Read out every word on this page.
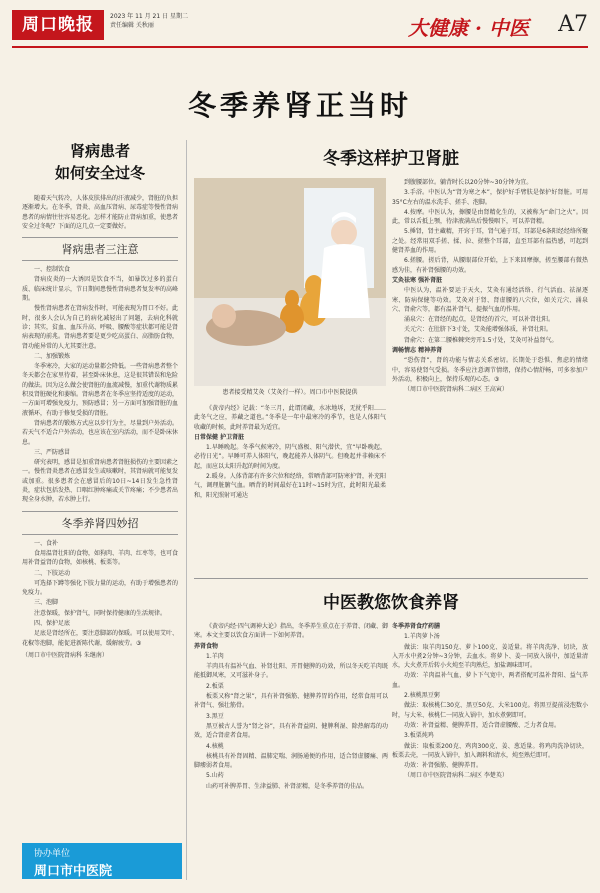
周口晚报	2023 年 11 月 21 日 星期二
责任编辑 关秋丽	大健康 · 中医 A7
冬季养肾正当时
肾病患者
如何安全过冬

随着天气转冷，人体皮肤排出的汗液减少，肾脏的负担逐渐增大。在冬季，肾炎、高血压肾病、尿毒症等慢性肾病患者的病情往往容易恶化。怎样才能防止肾病加重，使患者安全过冬呢？下面的这几点一定要做好。

肾病患者三注意

一、控制饮食

肾病皮炎的一大诱因是饮食不当，如暴饮过多的蛋白质、临床统计显示，节日期间患慢性肾病患者复发率的高峰期。

慢性肾病患者在肾病发作时，可能表现为胃口不好。此时，很多人会认为自己的病化减轻出了问题，去病化科就诊；其实，贫血、血压升高、呼吸、腰酸等症状都可能是肾病表现的前兆。肾病患者要是更少吃高蛋白、高脂肪食物，肾功能异常的人尤其要注意。

二、加强锻炼

冬季寒冷，大家的运动量都会降低。一些肾病患者整个冬天都会在家里待着，甚至卧床休息，这是很其错误和危险的做法。因为这么做会使肾脏的血流减慢，加重代谢物质累积及肾脏硬化和萎缩。肾病患者在冬季应坚持适度的运动，一方面可增强免疫力，预防感冒；另一方面可加强肾脏的血液循环，有助于修复受损的肾脏。

肾病患者的锻炼方式应以步行为主，尽量到户外活动。若天气不适合户外活动，也应该在室内活动，而不是卧床休息。

三、严防感冒

研究表明，感冒是加重肾病患者肾脏损伤的主要因素之一。慢性肾炎患者在感冒发生或咳嗽时，其肾病就可能复发或加重。很多患者会在感冒后的10日~14日发生急性肾炎，症状包括发热、口咽红肿疼痛或关节疼痛；不少患者出现全身水肿，若水肿上行。

冬季养肾四妙招

一、食补

食用温肾壮阳的食物，如狗肉、羊肉、红枣等，也可食用补肾益肾的食物，如核桃、板栗等。

二、下肢运动

可选择下蹲等强化下肢力量的运动，有助于增强患者的免疫力。

三、泡脚

注意保暖，保护肾气，同时保持健康的生活规律。

四、保护足底

足底是肾经所在，要注意脚部的保暖。可以使用艾叶、花椒等泡脚，能促进新陈代谢，缓解疲劳。③

（周口市中医院肾病科 朱继南）
协办单位
周口市中医院
冬季这样护卫肾脏
患者接受精艾灸（艾灸行一样）。周口市中医院提供

到腹腰部位。躺背时长以20分钟~30分钟为宜。

3.手浴。中医认为“肾为寒之本”，保护好手臂肤是保护好肾脏。可用35°C左右的温水洗手、搓手、泡脚。

4.按摩。中医认为，擦腰是由肾精化生的，又被称为“命门之火”。因此，常以舌抵上颚，待津液满出后慢慢咽下，可以养肾精。

5.捶肾，肾主藏精，开窍于耳，肾气通于耳，耳部是6条阳经经络所聚之处。经常用双手搓、揉、拉、搓整个耳部，直至耳部有温热感，可起到健肾养血的作用。

6.搓腰。搓后背，从腰眼部位开始，上下来回摩擦，搓至腰部有微热感为佳，有补肾强腰的功效。

艾灸祛寒 强补肾脏

中医认为，温补要运于天火，艾灸有通经活络、行气活血、祛湿逐寒、防病保健等功效。艾灸对于肾、肾虚腰的八穴位，如关元穴、涌泉穴、肾俞穴等，都有温补肾气、提振气血的作用。

涌泉穴：在肾经的起点，是肾经的首穴，可以补肾壮阳。

关元穴：在肚脐下3寸处，艾灸能增强体质，补肾壮阳。

肾俞穴：在第二腰椎棘突旁开1.5寸处，艾灸可补益肾气。

调畅情志 精神养肾

“恐伤肾”，肾的功能与情志关系密切。长期处于恐惧、焦虑的情绪中，容易使肾气受损。冬季应注意调节情绪，保持心情舒畅，可多参加户外活动，积极向上，保持乐观的心态。③

（周口市中医院肾病科二病区 王高寅）

《黄帝内经》记载：“冬三月，此谓闭藏，水冰地坼，无扰乎阳……此冬气之应，养藏之道也。”冬季是一年中最寒冷的季节，也是人体阳气收藏的时候，此时养肾最为适宜。

日常保健 护卫肾脏

1.早睡晚起。冬季气候寒冷，阴气盛极、阳气潜伏，宜“早卧晚起，必待日光”。早睡可养人体阳气，晚起能养人体阴气。但晚起并非赖床不起，而应以太阳升起的时间为度。

2.暖身。人体背部有许多穴位和经络，常晒背部可防寒护肾，补充阳气，调理脏腑气血。晒背的时间最好在11时~15时为宜，此时阳光最柔和，阳光照射可通达

中医教您饮食养肾

《黄帝内经·四气调神大论》指出，冬季养生重点在于养肾、闭藏、御寒。本文主要以饮食方面讲一下如何养肾。

养肾食物

1.羊肉

羊肉具有温补气血、补肾壮阳、开胃健脾的功效，所以冬天吃羊肉既能抵御风寒，又可滋补身子。

2.板栗

板栗又称“肾之果”，具有补肾强筋、健脾养胃的作用，经常食用可以补肾气、强壮筋骨。

3.黑豆

黑豆被古人誉为“肾之谷”，具有补肾益阴、健脾利湿、除热解毒的功效，适合肾虚者食用。

4.核桃

核桃具有补肾固精、温肺定喘、润肠通便的作用，适合肾虚腰痛、两脚痿弱者食用。

5.山药

山药可补脾养胃、生津益肺、补肾涩精，是冬季养肾的佳品。

冬季养肾食疗药膳

1.羊肉萝卜汤

做法：取羊肉150克、萝卜100克、姜适量。将羊肉洗净、切块，放入开水中煮2分钟~3分钟，去血水。将萝卜、姜一同放入锅中，加适量清水，大火煮开后转小火炖至羊肉熟烂，加盐调味即可。

功效：羊肉温补气血，萝卜下气宽中，两者搭配可温补肾阳、益气养血。

2.核桃黑豆粥

做法：取核桃仁30克、黑豆50克、大米100克。将黑豆提前浸泡数小时，与大米、核桃仁一同放入锅中，加水煮粥即可。

功效：补肾益精、健脾养胃，适合肾虚腰酸、乏力者食用。

3.板栗炖鸡

做法：取板栗200克、鸡肉300克、姜、葱适量。将鸡肉洗净切块，板栗去壳，一同放入锅中，加入调料和清水，炖至熟烂即可。

功效：补肾强筋、健脾养胃。

（周口市中医院肾病科二病区 李楚英）
